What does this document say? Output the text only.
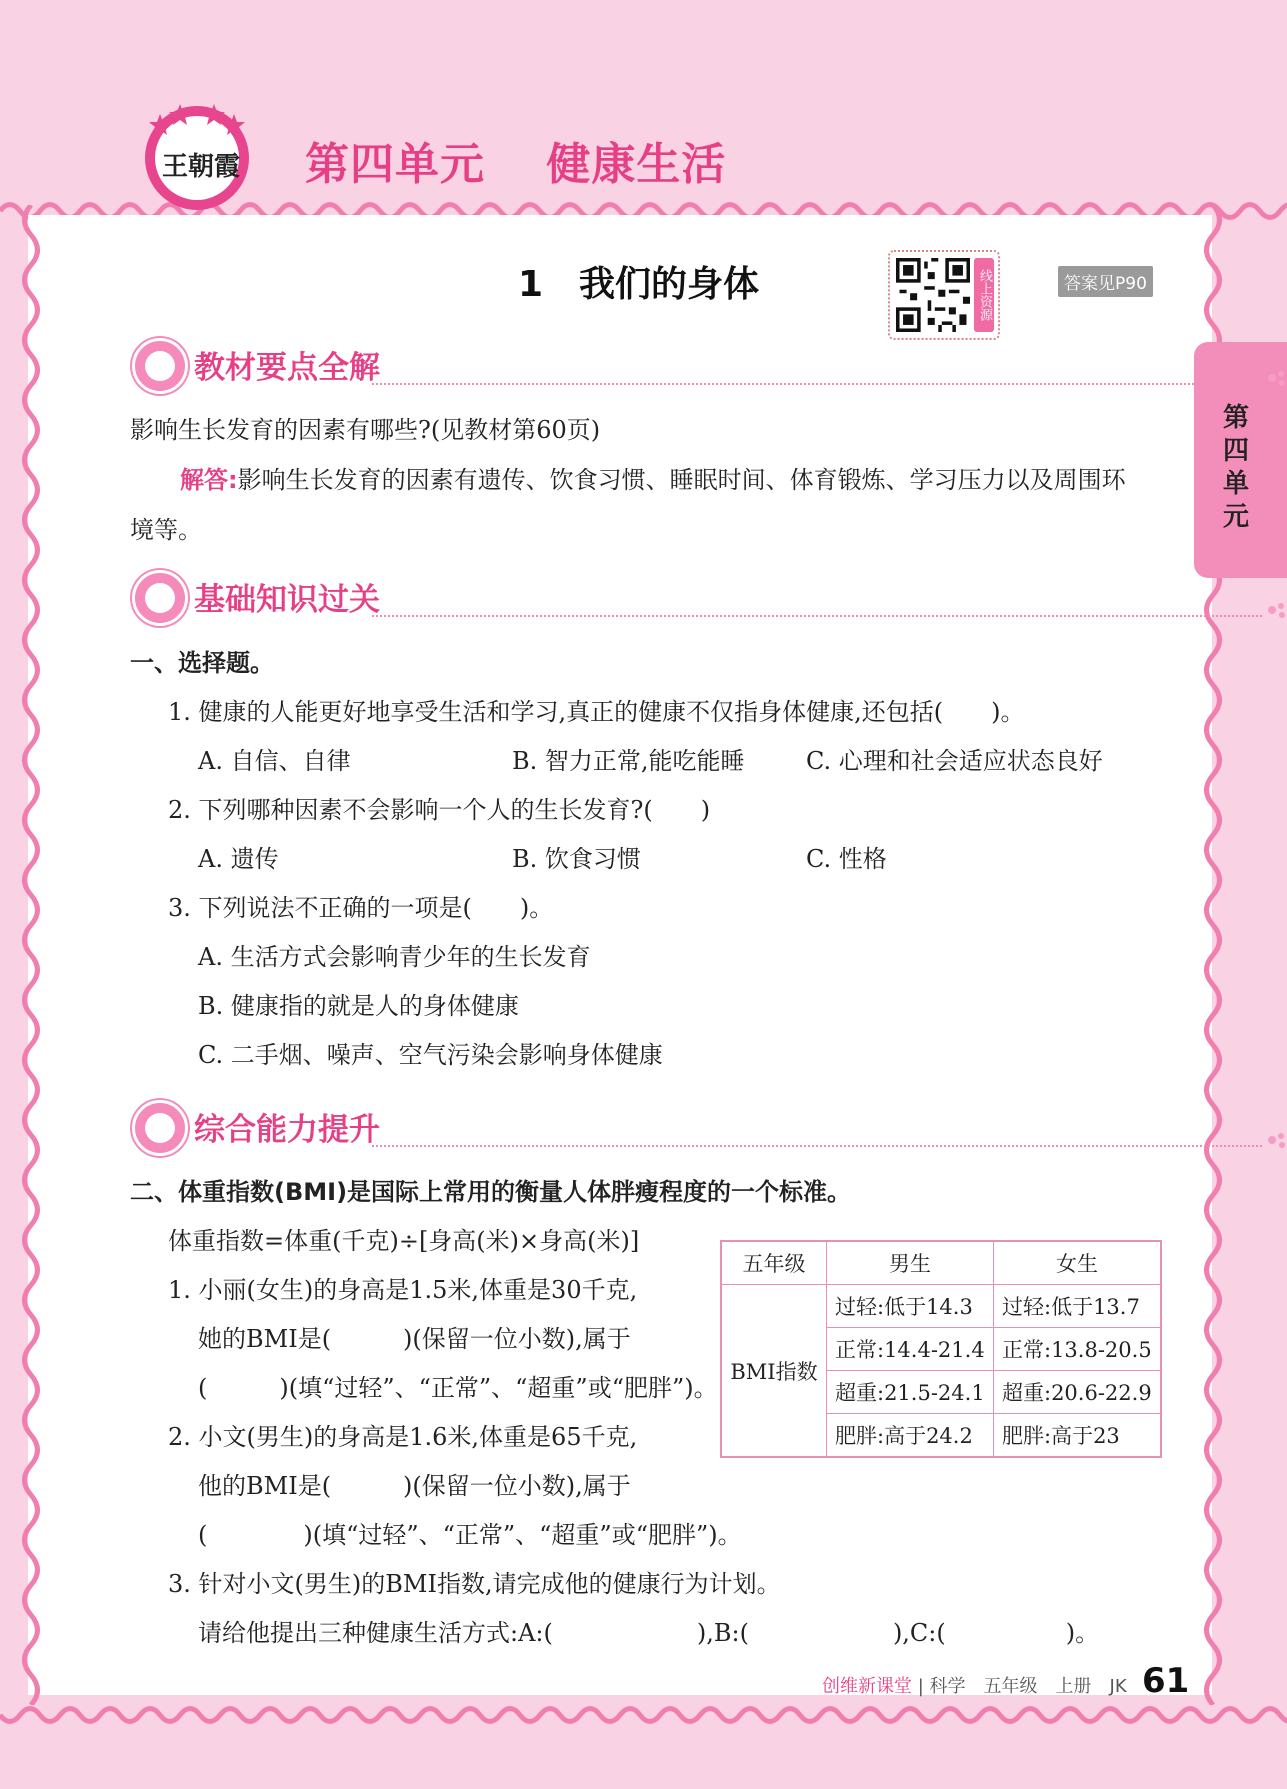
王朝霞 第四单元　 健康生活
1　我们的身体	线上资源	答案见P90
第四单元
教材要点全解
影响生长发育的因素有哪些?(见教材第60页)
解答:影响生长发育的因素有遗传、饮食习惯、睡眠时间、体育锻炼、学习压力以及周围环
境等。
基础知识过关
一、选择题。
1. 健康的人能更好地享受生活和学习,真正的健康不仅指身体健康,还包括(　　)。
A. 自信、自律	B. 智力正常,能吃能睡	C. 心理和社会适应状态良好
2. 下列哪种因素不会影响一个人的生长发育?(　　)
A. 遗传	B. 饮食习惯	C. 性格
3. 下列说法不正确的一项是(　　)。
A. 生活方式会影响青少年的生长发育
B. 健康指的就是人的身体健康
C. 二手烟、噪声、空气污染会影响身体健康
综合能力提升
二、体重指数(BMI)是国际上常用的衡量人体胖瘦程度的一个标准。
体重指数=体重(千克)÷[身高(米)×身高(米)]
1. 小丽(女生)的身高是1.5米,体重是30千克,
她的BMI是(　　　)(保留一位小数),属于
(　　　)(填“过轻”、“正常”、“超重”或“肥胖”)。
2. 小文(男生)的身高是1.6米,体重是65千克,
他的BMI是(　　　)(保留一位小数),属于
(　　　　)(填“过轻”、“正常”、“超重”或“肥胖”)。
3. 针对小文(男生)的BMI指数,请完成他的健康行为计划。
请给他提出三种健康生活方式:A:(　　　　　　),B:(　　　　　　),C:(　　　　　)。
五年级	男生	女生
BMI指数	过轻:低于14.3	过轻:低于13.7
	正常:14.4-21.4	正常:13.8-20.5
	超重:21.5-24.1	超重:20.6-22.9
	肥胖:高于24.2	肥胖:高于23
创维新课堂 | 科学　五年级　上册　JK 61
